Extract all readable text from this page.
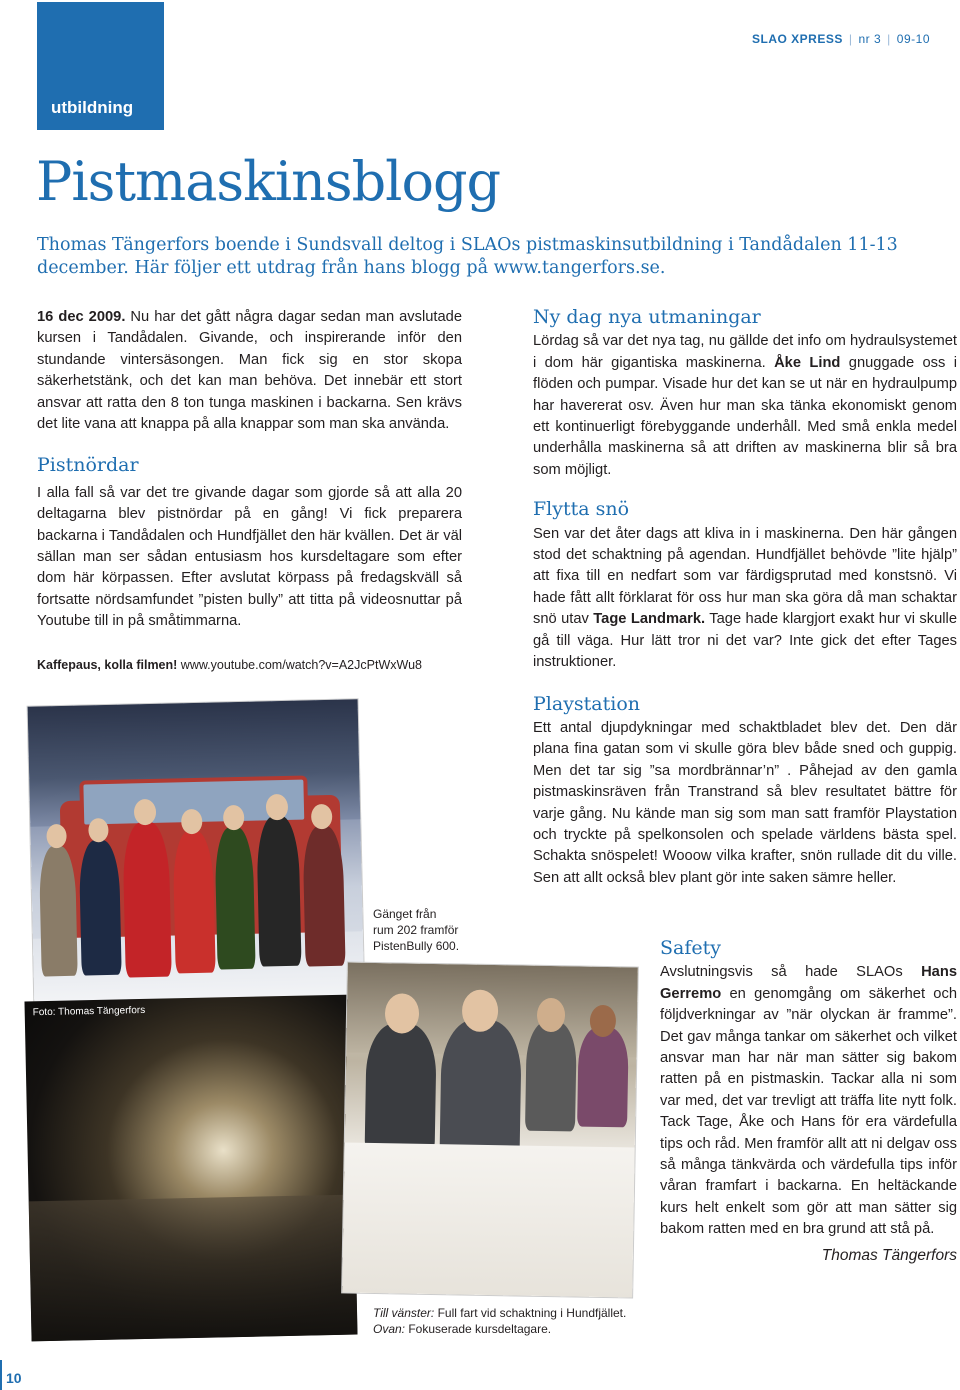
utbildning
SLAO XPRESS | nr 3 | 09-10
Pistmaskinsblogg
Thomas Tängerfors boende i Sundsvall deltog i SLAOs pistmaskinsutbildning i Tandådalen 11-13 december. Här följer ett utdrag från hans blogg på www.tangerfors.se.

16 dec 2009. Nu har det gått några dagar sedan man avslutade kursen i Tandådalen. Givande, och inspirerande inför den stundande vintersäsongen. Man fick sig en stor skopa säkerhetstänk, och det kan man behöva. Det innebär ett stort ansvar att ratta den 8 ton tunga maskinen i backarna. Sen krävs det lite vana att knappa på alla knappar som man ska använda.

Pistnördar

I alla fall så var det tre givande dagar som gjorde så att alla 20 deltagarna blev pistnördar på en gång! Vi fick preparera backarna i Tandådalen och Hundfjället den här kvällen. Det är väl sällan man ser sådan entusiasm hos kursdeltagare som efter dom här körpassen. Efter avslutat körpass på fredagskväll så fortsatte nördsamfundet ”pisten bully” att titta på videosnuttar på Youtube till in på småtimmarna.

Kaffepaus, kolla filmen! www.youtube.com/watch?v=A2JcPtWxWu8
Ny dag nya utmaningar

Lördag så var det nya tag, nu gällde det info om hydraulsystemet i dom här gigantiska maskinerna. Åke Lind gnuggade oss i flöden och pumpar. Visade hur det kan se ut när en hydraulpump har havererat osv. Även hur man ska tänka ekonomiskt genom ett kontinuerligt förebyggande underhåll. Med små enkla medel underhålla maskinerna så att driften av maskinerna blir så bra som möjligt.

Flytta snö

Sen var det åter dags att kliva in i maskinerna. Den här gången stod det schaktning på agendan. Hundfjället behövde ”lite hjälp” att fixa till en nedfart som var färdigsprutad med konstsnö. Vi hade fått allt förklarat för oss hur man ska göra då man schaktar snö utav Tage Landmark. Tage hade klargjort exakt hur vi skulle gå till väga. Hur lätt tror ni det var? Inte gick det efter Tages instruktioner.

Playstation

Ett antal djupdykningar med schaktbladet blev det. Den där plana fina gatan som vi skulle göra blev både sned och guppig. Men det tar sig ”sa mordbrännar’n” . Påhejad av den gamla pistmaskinsräven från Transtrand så blev resultatet bättre för varje gång. Nu kände man sig som man satt framför Playstation och tryckte på spelkonsolen och spelade världens bästa spel. Schakta snöspelet! Wooow vilka krafter, snön rullade dit du ville. Sen att allt också blev plant gör inte saken sämre heller.

Safety

Avslutningsvis så hade SLAOs Hans Gerremo en genomgång om säkerhet och följdverkningar av ”när olyckan är framme”. Det gav många tankar om säkerhet och vilket ansvar man har när man sätter sig bakom ratten på en pistmaskin. Tackar alla ni som var med, det var trevligt att träffa lite nytt folk. Tack Tage, Åke och Hans för era värdefulla tips och råd. Men framför allt att ni delgav oss så många tänkvärda och värdefulla tips inför våran framfart i backarna. En heltäckande kurs helt enkelt som gör att man sätter sig bakom ratten med en bra grund att stå på.

Thomas Tängerfors
Foto: Thomas Tängerfors
Gänget från
rum 202 framför
PistenBully 600.
Till vänster: Full fart vid schaktning i Hundfjället.
Ovan: Fokuserade kursdeltagare.
10
